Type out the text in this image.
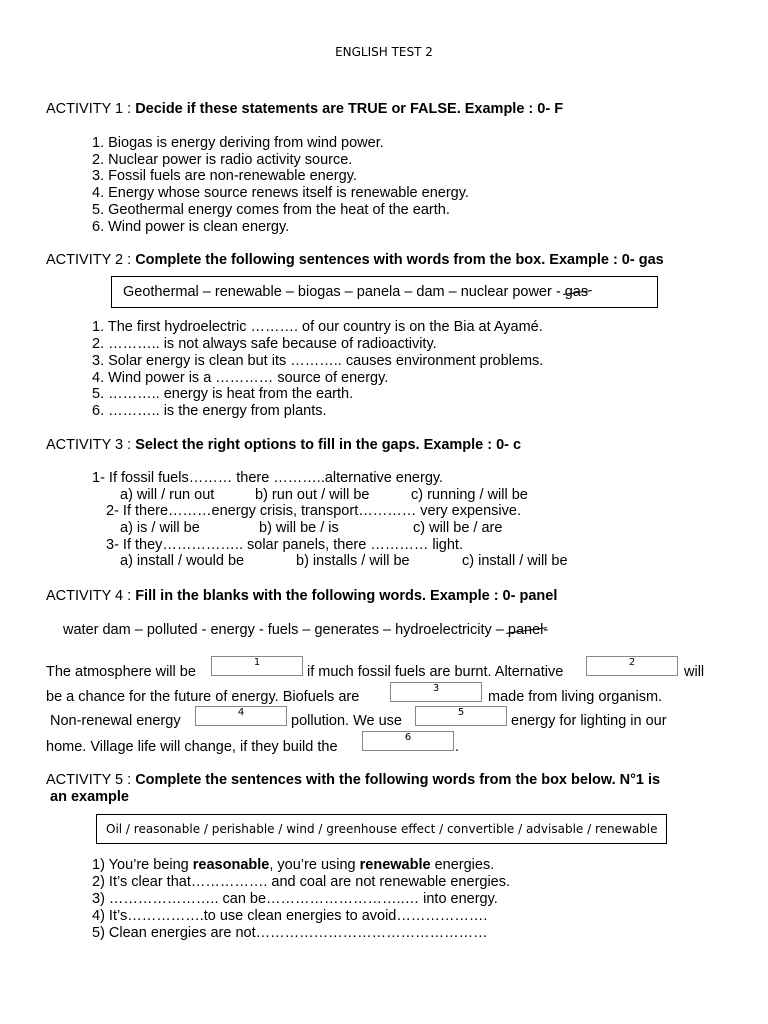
ENGLISH TEST 2
ACTIVITY 1 : Decide if these statements are TRUE or FALSE. Example : 0- F
1. Biogas is energy deriving from wind power.
2. Nuclear power is radio activity source.
3. Fossil fuels are non-renewable energy.
4. Energy whose source renews itself is renewable energy.
5. Geothermal energy comes from the heat of the earth.
6. Wind power is clean energy.
ACTIVITY 2 : Complete the following sentences with words from the box. Example : 0- gas
Geothermal – renewable – biogas – panela – dam – nuclear power - gas
1. The first hydroelectric ………. of our country is on the Bia at Ayamé.
2. ……….. is not always safe because of radioactivity.
3. Solar energy is clean but its ……….. causes environment problems.
4. Wind power is a ………… source of energy.
5. ……….. energy is heat from the earth.
6. ……….. is the energy from plants.
ACTIVITY 3 : Select the right options to fill in the gaps. Example : 0- c
1- If fossil fuels……… there ………..alternative energy.
a) will / run out	b) run out / will be	c) running / will be
2- If there………energy crisis, transport………… very expensive.
a) is / will be	b) will be / is	c) will be / are
3- If they…………….. solar panels, there ………… light.
a) install / would be	b) installs / will be	c) install / will be
ACTIVITY 4 : Fill in the blanks with the following words. Example : 0- panel
water dam – polluted - energy - fuels – generates – hydroelectricity – panel-
The atmosphere will be
1
if much fossil fuels are burnt. Alternative
2
will
be a chance for the future of energy. Biofuels are
3
made from living organism.
Non-renewal energy
4
pollution. We use
5
energy for lighting in our
home. Village life will change, if they build the
6
.
ACTIVITY 5 : Complete the sentences with the following words from the box below. N°1 is
an example
Oil / reasonable / perishable / wind / greenhouse effect / convertible / advisable / renewable
1) You’re being reasonable, you’re using renewable energies.
2) It’s clear that……………. and coal are not renewable energies.
3) ………………….. can be………………………..… into energy.
4) It’s…………….to use clean energies to avoid……………….
5) Clean energies are not…………………………………………
